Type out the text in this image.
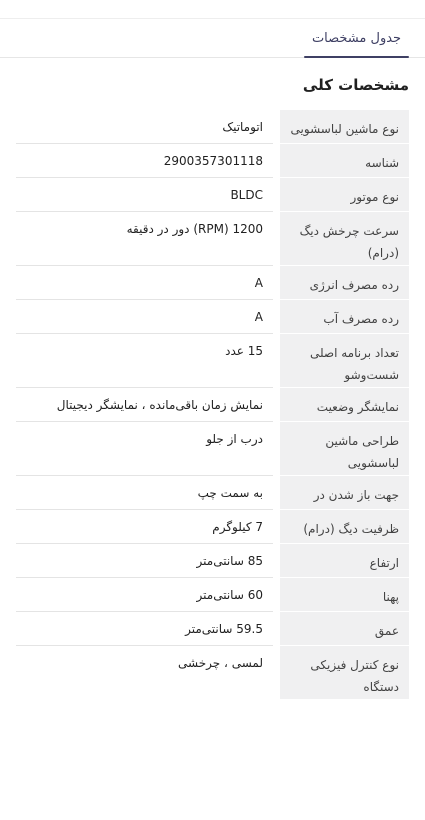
جدول مشخصات
مشخصات کلی
نوع ماشین لباسشویی
اتوماتیک
شناسه
2900357301118
نوع موتور
BLDC
سرعت چرخش دیگ (درام)
1200 (RPM) دور در دقیقه
رده مصرف انرژی
A
رده مصرف آب
A
تعداد برنامه اصلی شست‌وشو
15 عدد
نمایشگر وضعیت
نمایش زمان باقی‌مانده ، نمایشگر دیجیتال
طراحی ماشین لباسشویی
درب از جلو
جهت باز شدن در
به سمت چپ
ظرفیت دیگ (درام)
7 کیلوگرم
ارتفاع
85 سانتی‌متر
پهنا
60 سانتی‌متر
عمق
59.5 سانتی‌متر
نوع کنترل فیزیکی دستگاه
لمسی ، چرخشی
